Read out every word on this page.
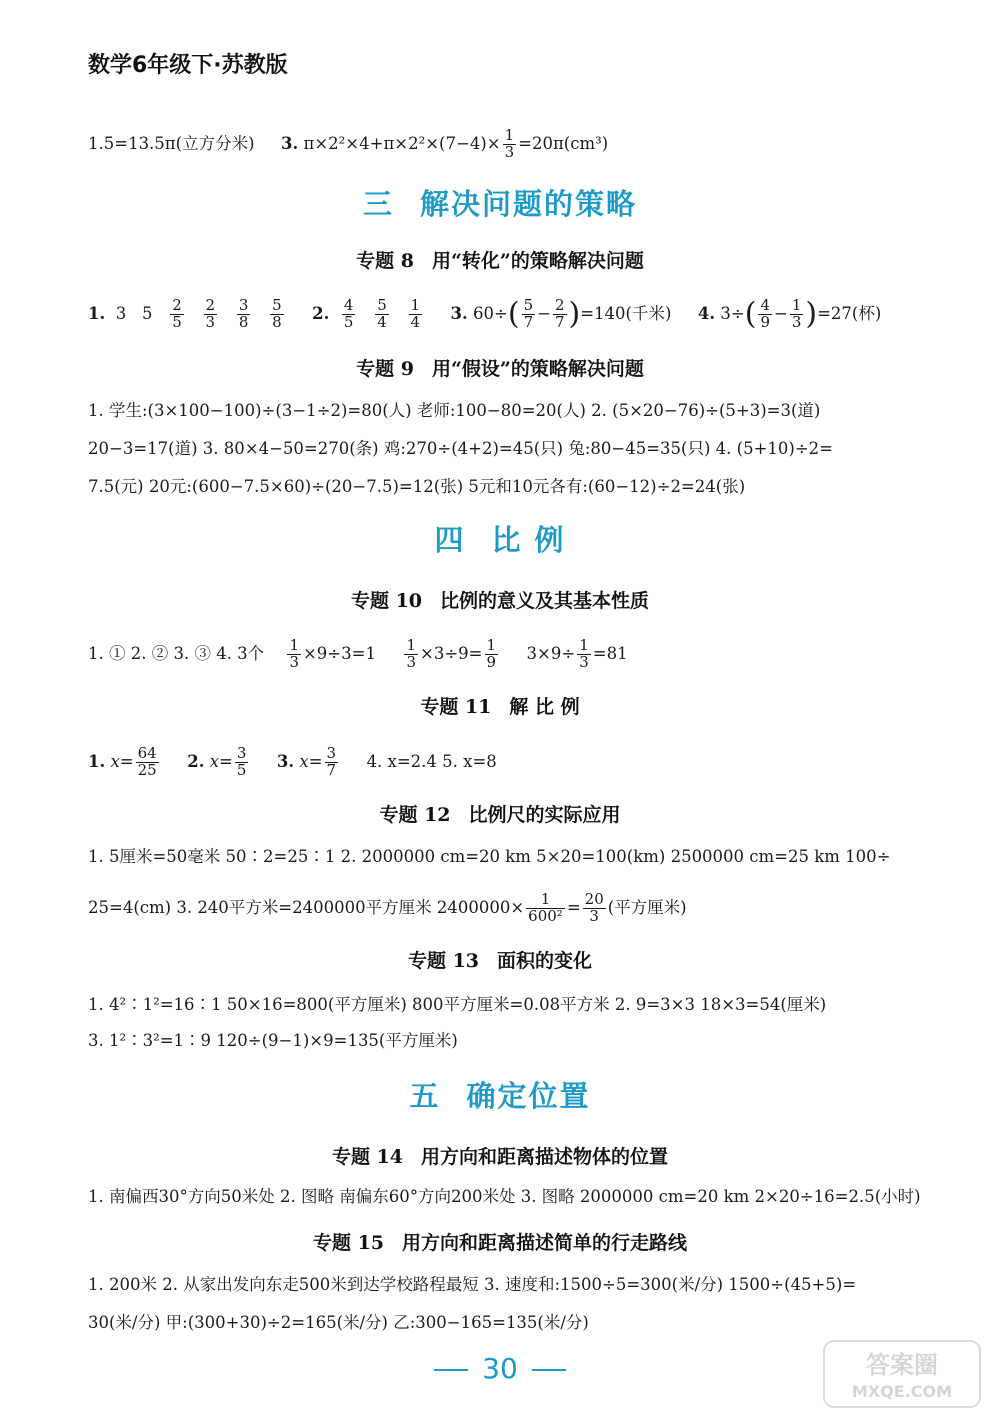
数学6年级下·苏教版
1.5=13.5π(立方分米) 3. $\pi\times 2^2\times 4+\pi\times 2^2\times(7-4)\times \frac{1}{3} =20\pi(cm^3)$
三 解决问题的策略
专题 8 用“转化”的策略解决问题
1. 3 $5 \frac{2}{5}$
$\frac{2}{3}$
$\frac{3}{8}$
$\frac{5}{8} 2$. $\frac{4}{5}$
$\frac{5}{4}$
$\frac{1}{4} 3$. $60\div( \frac{5}{7} - \frac{2}{7} )=140$(千米) 4. $3\div( \frac{4}{9} - \frac{1}{3} )=27$(杯)
专题 9 用“假设”的策略解决问题
1. 学生:(3×100−100)÷(3−1÷2)=80(人) 老师:100−80=20(人) 2. (5×20−76)÷(5+3)=3(道)
20−3=17(道) 3. 80×4−50=270(条) 鸡:270÷(4+2)=45(只) 兔:80−45=35(只) 4. (5+10)÷2=
7.5(元) 20元:(600−7.5×60)÷(20−7.5)=12(张) 5元和10元各有:(60−12)÷2=24(张)
四 比 例
专题 10 比例的意义及其基本性质
1. ① 2. ② 3. ③ 4. 3个 $\frac{1}{3} \times 9\div 3=1 \frac{1}{3} \times 3\div 9= \frac{1}{9} 3\times 9\div \frac{1}{3} =81$
专题 11 解 比 例
1. $x= \frac{64}{25} 2$. $x= \frac{3}{5} 3$. $x= \frac{3}{7} 4$. x=2.4 5. x=8
专题 12 比例尺的实际应用
1. 5厘米=50毫米 50∶2=25∶1 2. 2000000 cm=20 km 5×20=100(km) 2500000 cm=25 km 100÷
25=4(cm) 3. 240平方米=2400000平方厘米 $2400000\times \frac{1}{\text{600²}} = \frac{20}{3}$ (平方厘米)
专题 13 面积的变化
1. 4²∶1²=16∶1 50×16=800(平方厘米) 800平方厘米=0.08平方米 2. 9=3×3 18×3=54(厘米)
3. 1²∶3²=1∶9 120÷(9−1)×9=135(平方厘米)
五 确定位置
专题 14 用方向和距离描述物体的位置
1. 南偏西30°方向50米处 2. 图略 南偏东60°方向200米处 3. 图略 2000000 cm=20 km 2×20÷16=2.5(小时)
专题 15 用方向和距离描述简单的行走路线
1. 200米 2. 从家出发向东走500米到达学校路程最短 3. 速度和:1500÷5=300(米/分) 1500÷(45+5)=
30(米/分) 甲:(300+30)÷2=165(米/分) 乙:300−165=135(米/分)
30	答案圈
MXQE.COM
